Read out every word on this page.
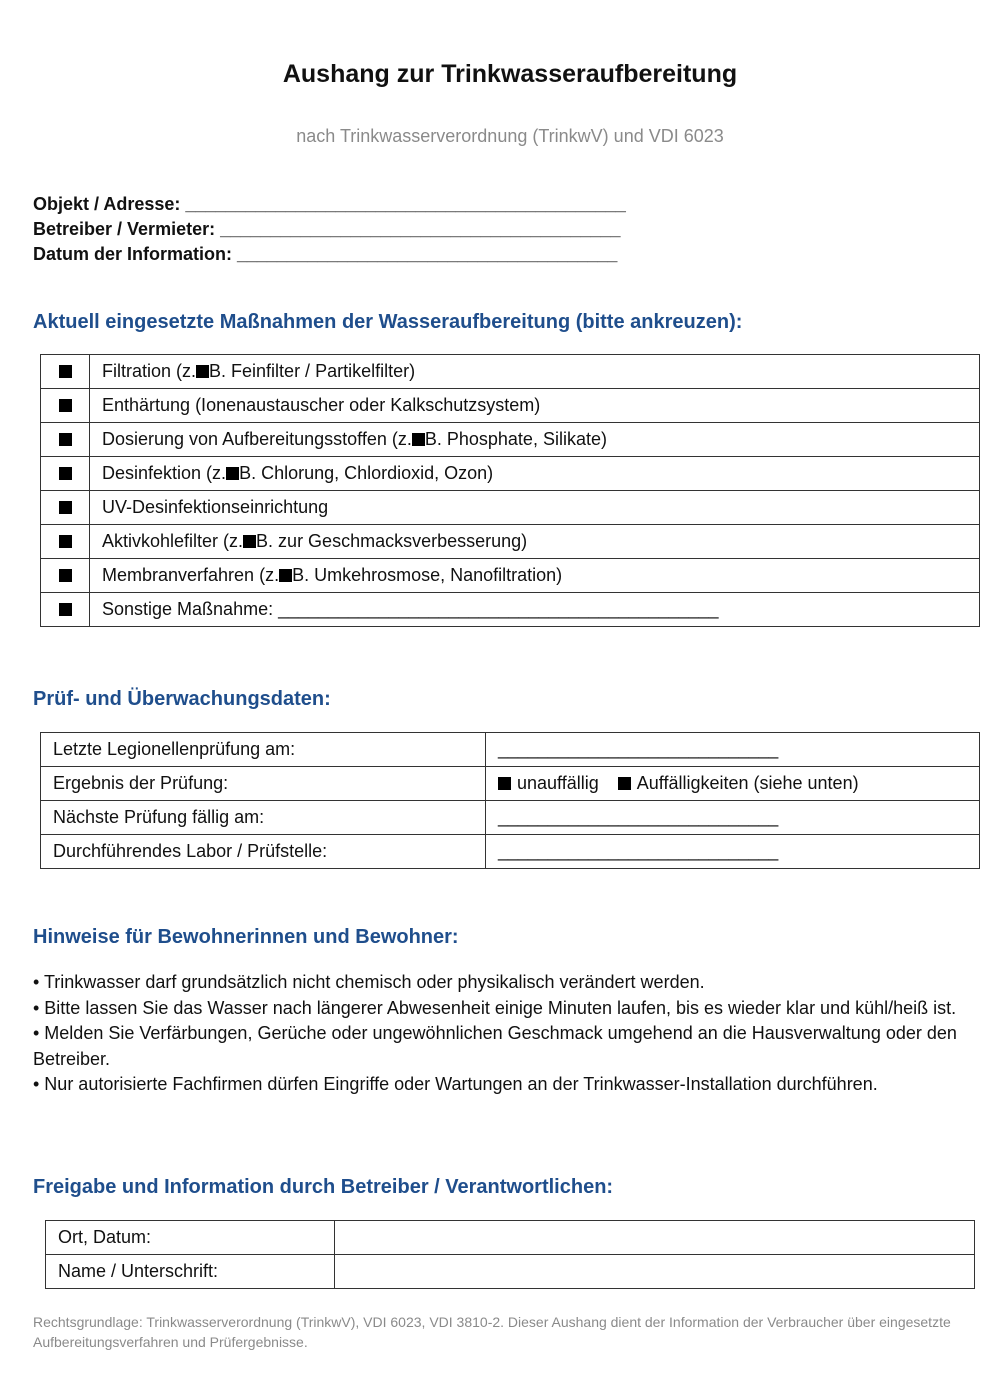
Aushang zur Trinkwasseraufbereitung
nach Trinkwasserverordnung (TrinkwV) und VDI 6023
Objekt / Adresse: ____________________________________________
Betreiber / Vermieter: ________________________________________
Datum der Information: ______________________________________
Aktuell eingesetzte Maßnahmen der Wasseraufbereitung (bitte ankreuzen):
	Filtration (z. B. Feinfilter / Partikelfilter)
	Enthärtung (Ionenaustauscher oder Kalkschutzsystem)
	Dosierung von Aufbereitungsstoffen (z. B. Phosphate, Silikate)
	Desinfektion (z. B. Chlorung, Chlordioxid, Ozon)
	UV-Desinfektionseinrichtung
	Aktivkohlefilter (z. B. zur Geschmacksverbesserung)
	Membranverfahren (z. B. Umkehrosmose, Nanofiltration)
	Sonstige Maßnahme: ____________________________________________
Prüf- und Überwachungsdaten:
Letzte Legionellenprüfung am:	____________________________
Ergebnis der Prüfung:	unauffällig
Auffälligkeiten (siehe unten)

Nächste Prüfung fällig am:	____________________________
Durchführendes Labor / Prüfstelle:	____________________________
Hinweise für Bewohnerinnen und Bewohner:
• Trinkwasser darf grundsätzlich nicht chemisch oder physikalisch verändert werden.
• Bitte lassen Sie das Wasser nach längerer Abwesenheit einige Minuten laufen, bis es wieder klar und kühl/heiß ist.
• Melden Sie Verfärbungen, Gerüche oder ungewöhnlichen Geschmack umgehend an die Hausverwaltung oder den Betreiber.
• Nur autorisierte Fachfirmen dürfen Eingriffe oder Wartungen an der Trinkwasser-Installation durchführen.
Freigabe und Information durch Betreiber / Verantwortlichen:
Ort, Datum:	
Name / Unterschrift:	
Rechtsgrundlage: Trinkwasserverordnung (TrinkwV), VDI 6023, VDI 3810-2. Dieser Aushang dient der Information der Verbraucher über eingesetzte Aufbereitungsverfahren und Prüfergebnisse.
